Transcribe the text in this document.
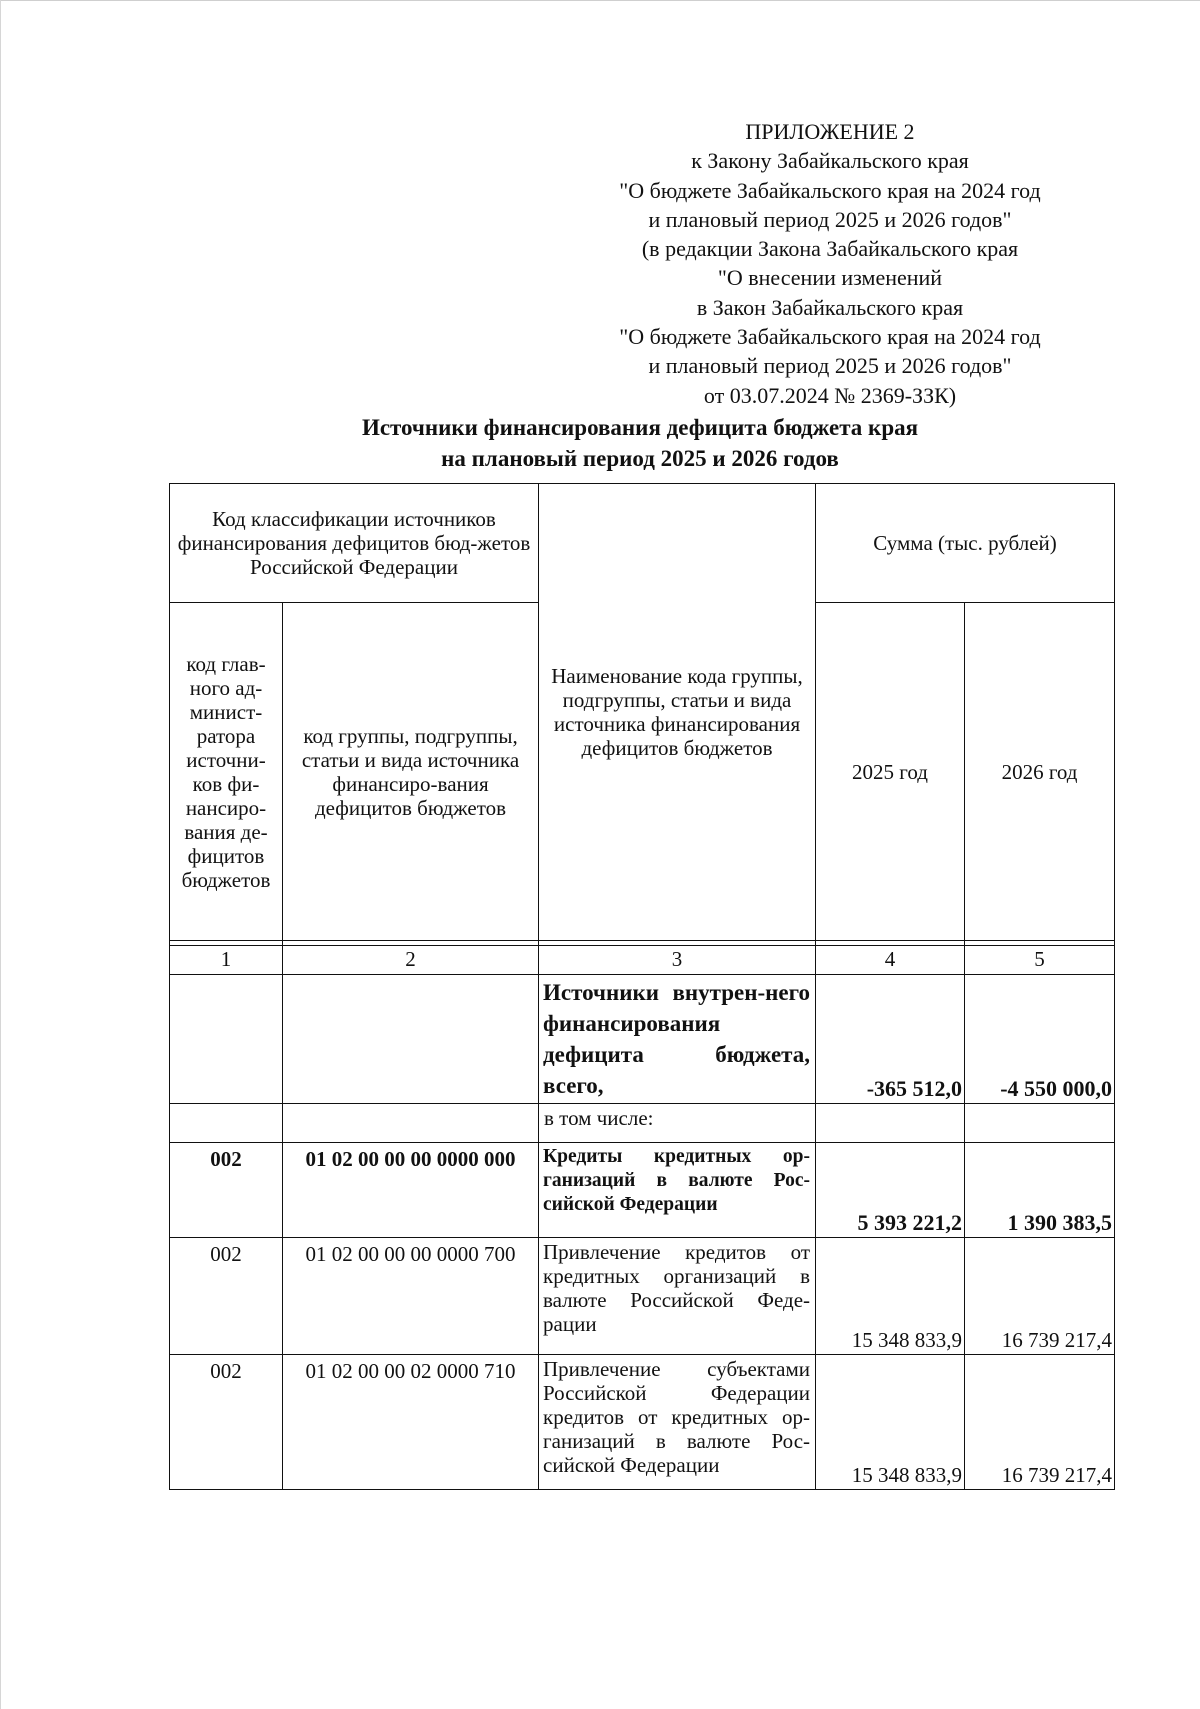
ПРИЛОЖЕНИЕ 2
к Закону Забайкальского края
"О бюджете Забайкальского края на 2024 год
и плановый период 2025 и 2026 годов"
(в редакции Закона Забайкальского края
"О внесении изменений
в Закон Забайкальского края
"О бюджете Забайкальского края на 2024 год
и плановый период 2025 и 2026 годов"
от 03.07.2024 № 2369-ЗЗК)
Источники финансирования дефицита бюджета края
на плановый период 2025 и 2026 годов
Код классификации источников финансирования дефицитов бюд-жетов Российской Федерации		Наименование кода группы, подгруппы, статьи и вида источника финансирования дефицитов бюджетов	Сумма (тыс. рублей)	
код глав-ного ад-минист-ратора источни-ков фи-нансиро-вания де-фицитов бюджетов	код группы, подгруппы, статьи и вида источника финансиро-вания дефицитов бюджетов		2025 год	2026 год

1	2	3	4	5
		Источники внутрен-него финансирования дефицита бюджета, всего,	-365 512,0	-4 550 000,0
		в том числе:		
002	01 02 00 00 00 0000 000	Кредиты кредитных ор-ганизаций в валюте Рос-сийской Федерации	5 393 221,2	1 390 383,5
002	01 02 00 00 00 0000 700	Привлечение кредитов от кредитных организаций в валюте Российской Феде-рации	15 348 833,9	16 739 217,4
002	01 02 00 00 02 0000 710	Привлечение субъектами Российской Федерации кредитов от кредитных ор-ганизаций в валюте Рос-сийской Федерации	15 348 833,9	16 739 217,4
